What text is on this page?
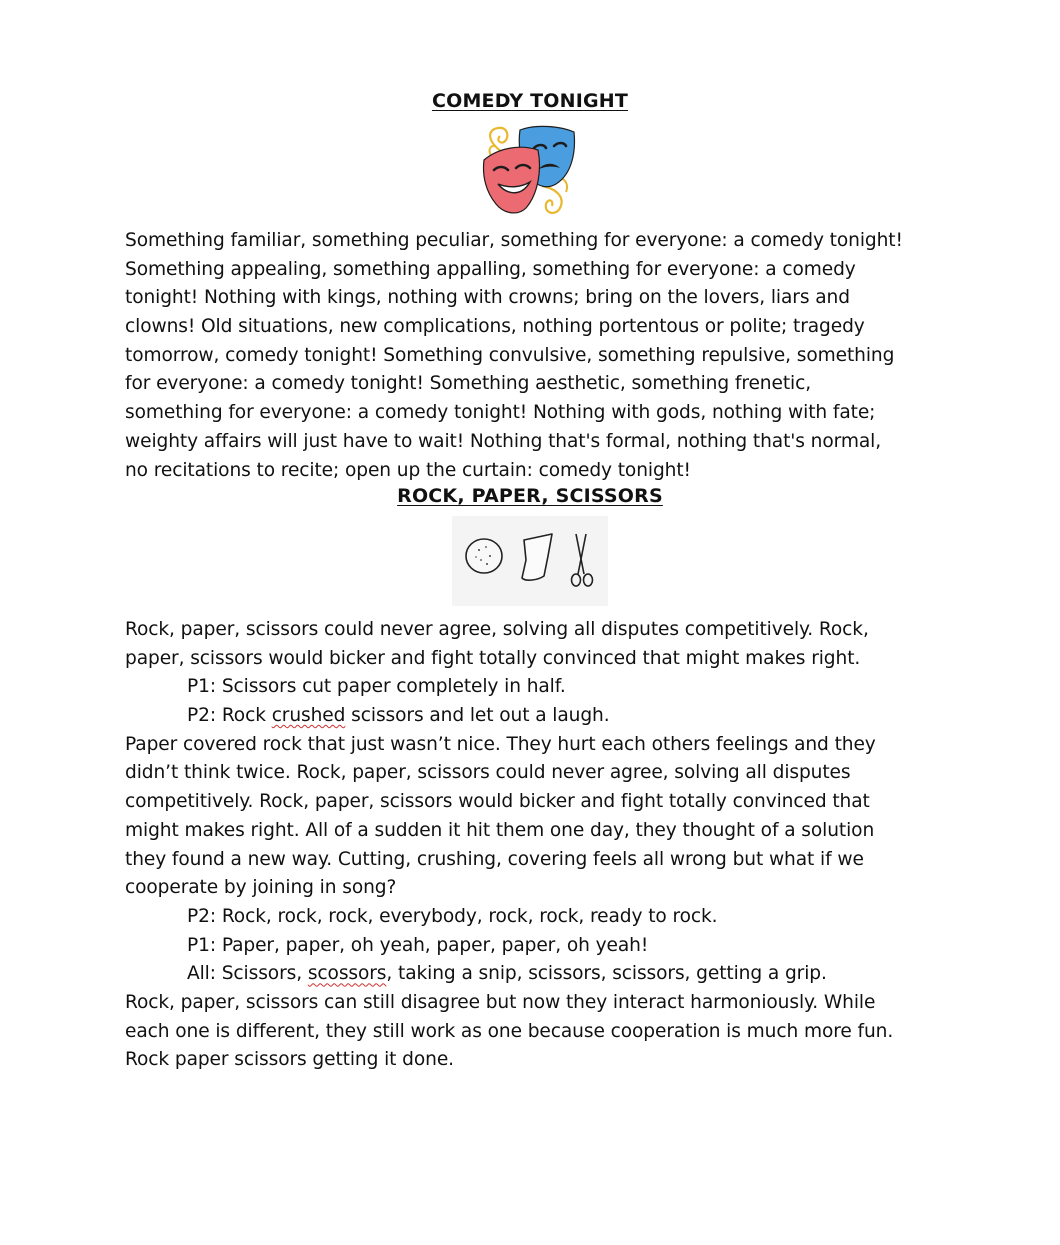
COMEDY TONIGHT
Something familiar, something peculiar, something for everyone: a comedy tonight!
Something appealing, something appalling, something for everyone: a comedy
tonight! Nothing with kings, nothing with crowns; bring on the lovers, liars and
clowns! Old situations, new complications, nothing portentous or polite; tragedy
tomorrow, comedy tonight! Something convulsive, something repulsive, something
for everyone: a comedy tonight! Something aesthetic, something frenetic,
something for everyone: a comedy tonight! Nothing with gods, nothing with fate;
weighty affairs will just have to wait! Nothing that's formal, nothing that's normal,
no recitations to recite; open up the curtain: comedy tonight!
ROCK, PAPER, SCISSORS
Rock, paper, scissors could never agree, solving all disputes competitively. Rock,
paper, scissors would bicker and fight totally convinced that might makes right.
P1: Scissors cut paper completely in half.
P2: Rock crushed scissors and let out a laugh.
Paper covered rock that just wasn’t nice. They hurt each others feelings and they
didn’t think twice. Rock, paper, scissors could never agree, solving all disputes
competitively. Rock, paper, scissors would bicker and fight totally convinced that
might makes right. All of a sudden it hit them one day, they thought of a solution
they found a new way. Cutting, crushing, covering feels all wrong but what if we
cooperate by joining in song?
P2: Rock, rock, rock, everybody, rock, rock, ready to rock.
P1: Paper, paper, oh yeah, paper, paper, oh yeah!
All: Scissors, scossors, taking a snip, scissors, scissors, getting a grip.
Rock, paper, scissors can still disagree but now they interact harmoniously. While
each one is different, they still work as one because cooperation is much more fun.
Rock paper scissors getting it done.
